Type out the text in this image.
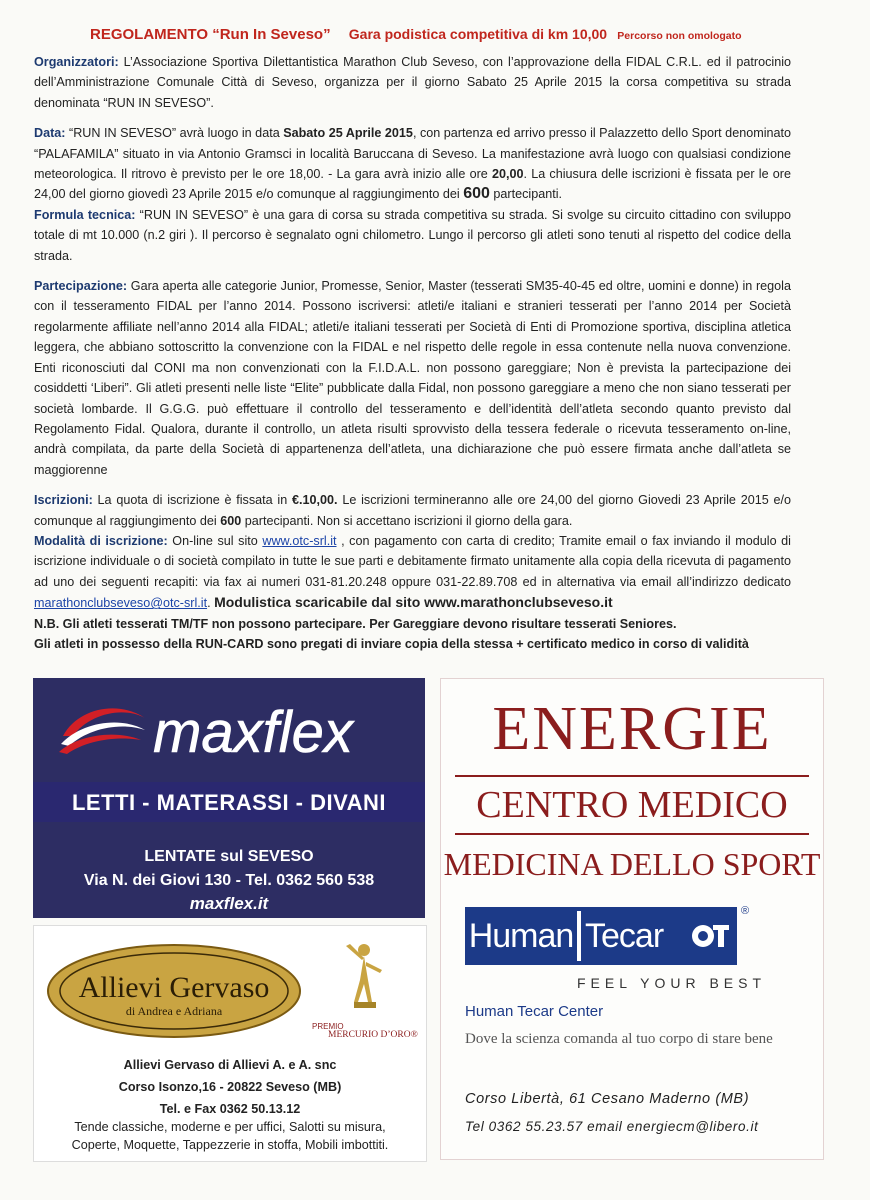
REGOLAMENTO “Run In Seveso” Gara podistica competitiva di km 10,00 Percorso non omologato

Organizzatori: L’Associazione Sportiva Dilettantistica Marathon Club Seveso, con l’approvazione della FIDAL C.R.L. ed il patrocinio dell’Amministrazione Comunale Città di Seveso, organizza per il giorno Sabato 25 Aprile 2015 la corsa competitiva su strada denominata “RUN IN SEVESO”.

Data: “RUN IN SEVESO” avrà luogo in data Sabato 25 Aprile 2015, con partenza ed arrivo presso il Palazzetto dello Sport denominato “PALAFAMILA” situato in via Antonio Gramsci in località Baruccana di Seveso. La manifestazione avrà luogo con qualsiasi condizione meteorologica. Il ritrovo è previsto per le ore 18,00. - La gara avrà inizio alle ore 20,00. La chiusura delle iscrizioni è fissata per le ore 24,00 del giorno giovedì 23 Aprile 2015 e/o comunque al raggiungimento dei 600 partecipanti.

Formula tecnica: “RUN IN SEVESO” è una gara di corsa su strada competitiva su strada. Si svolge su circuito cittadino con sviluppo totale di mt 10.000 (n.2 giri ). Il percorso è segnalato ogni chilometro. Lungo il percorso gli atleti sono tenuti al rispetto del codice della strada.

Partecipazione: Gara aperta alle categorie Junior, Promesse, Senior, Master (tesserati SM35-40-45 ed oltre, uomini e donne) in regola con il tesseramento FIDAL per l’anno 2014. Possono iscriversi: atleti/e italiani e stranieri tesserati per l’anno 2014 per Società regolarmente affiliate nell’anno 2014 alla FIDAL; atleti/e italiani tesserati per Società di Enti di Promozione sportiva, disciplina atletica leggera, che abbiano sottoscritto la convenzione con la FIDAL e nel rispetto delle regole in essa contenute nella nuova convenzione. Enti riconosciuti dal CONI ma non convenzionati con la F.I.D.A.L. non possono gareggiare; Non è prevista la partecipazione dei cosiddetti ‘Liberi”. Gli atleti presenti nelle liste “Elite” pubblicate dalla Fidal, non possono gareggiare a meno che non siano tesserati per società lombarde. Il G.G.G. può effettuare il controllo del tesseramento e dell’identità dell’atleta secondo quanto previsto dal Regolamento Fidal. Qualora, durante il controllo, un atleta risulti sprovvisto della tessera federale o ricevuta tesseramento on-line, andrà compilata, da parte della Società di appartenenza dell’atleta, una dichiarazione che può essere firmata anche dall’atleta se maggiorenne

Iscrizioni: La quota di iscrizione è fissata in €.10,00. Le iscrizioni termineranno alle ore 24,00 del giorno Giovedi 23 Aprile 2015 e/o comunque al raggiungimento dei 600 partecipanti. Non si accettano iscrizioni il giorno della gara.

Modalità di iscrizione: On-line sul sito www.otc-srl.it , con pagamento con carta di credito; Tramite email o fax inviando il modulo di iscrizione individuale o di società compilato in tutte le sue parti e debitamente firmato unitamente alla copia della ricevuta di pagamento ad uno dei seguenti recapiti: via fax ai numeri 031-81.20.248 oppure 031-22.89.708 ed in alternativa via email all’indirizzo dedicato marathonclubseveso@otc-srl.it. Modulistica scaricabile dal sito www.marathonclubseveso.it

N.B. Gli atleti tesserati TM/TF non possono partecipare. Per Gareggiare devono risultare tesserati Seniores.

Gli atleti in possesso della RUN-CARD sono pregati di inviare copia della stessa + certificato medico in corso di validità

maxflex
LETTI - MATERASSI - DIVANI
LENTATE sul SEVESO
Via N. dei Giovi 130 - Tel. 0362 560 538
maxflex.it
Allievi Gervaso
di Andrea e Adriana
PREMIO
MERCURIO D’ORO®
Allievi Gervaso di Allievi A. e A. snc
Corso Isonzo,16 - 20822 Seveso (MB)
Tel. e Fax 0362 50.13.12
Tende classiche, moderne e per uffici, Salotti su misura,
Coperte, Moquette, Tappezzerie in stoffa, Mobili imbottiti.
ENERGIE
CENTRO MEDICO
MEDICINA DELLO SPORT
Human Tecar
®
FEEL YOUR BEST
Human Tecar Center
Dove la scienza comanda al tuo corpo di stare bene
Corso Libertà, 61 Cesano Maderno (MB)
Tel 0362 55.23.57 email energiecm@libero.it
